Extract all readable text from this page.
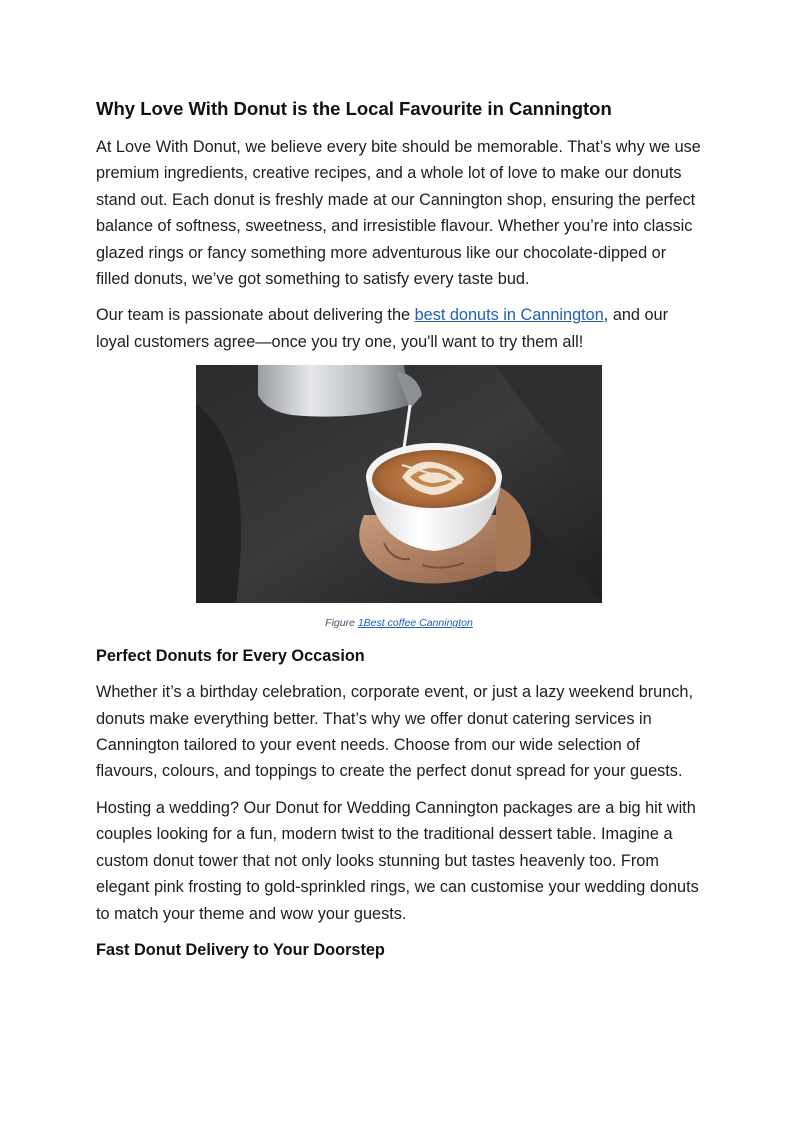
Why Love With Donut is the Local Favourite in Cannington

At Love With Donut, we believe every bite should be memorable. That’s why we use premium ingredients, creative recipes, and a whole lot of love to make our donuts stand out. Each donut is freshly made at our Cannington shop, ensuring the perfect balance of softness, sweetness, and irresistible flavour. Whether you’re into classic glazed rings or fancy something more adventurous like our chocolate-dipped or filled donuts, we’ve got something to satisfy every taste bud.

Our team is passionate about delivering the best donuts in Cannington, and our loyal customers agree—once you try one, you'll want to try them all!

Figure 1Best coffee Cannington
Perfect Donuts for Every Occasion

Whether it’s a birthday celebration, corporate event, or just a lazy weekend brunch, donuts make everything better. That’s why we offer donut catering services in Cannington tailored to your event needs. Choose from our wide selection of flavours, colours, and toppings to create the perfect donut spread for your guests.

Hosting a wedding? Our Donut for Wedding Cannington packages are a big hit with couples looking for a fun, modern twist to the traditional dessert table. Imagine a custom donut tower that not only looks stunning but tastes heavenly too. From elegant pink frosting to gold-sprinkled rings, we can customise your wedding donuts to match your theme and wow your guests.

Fast Donut Delivery to Your Doorstep
